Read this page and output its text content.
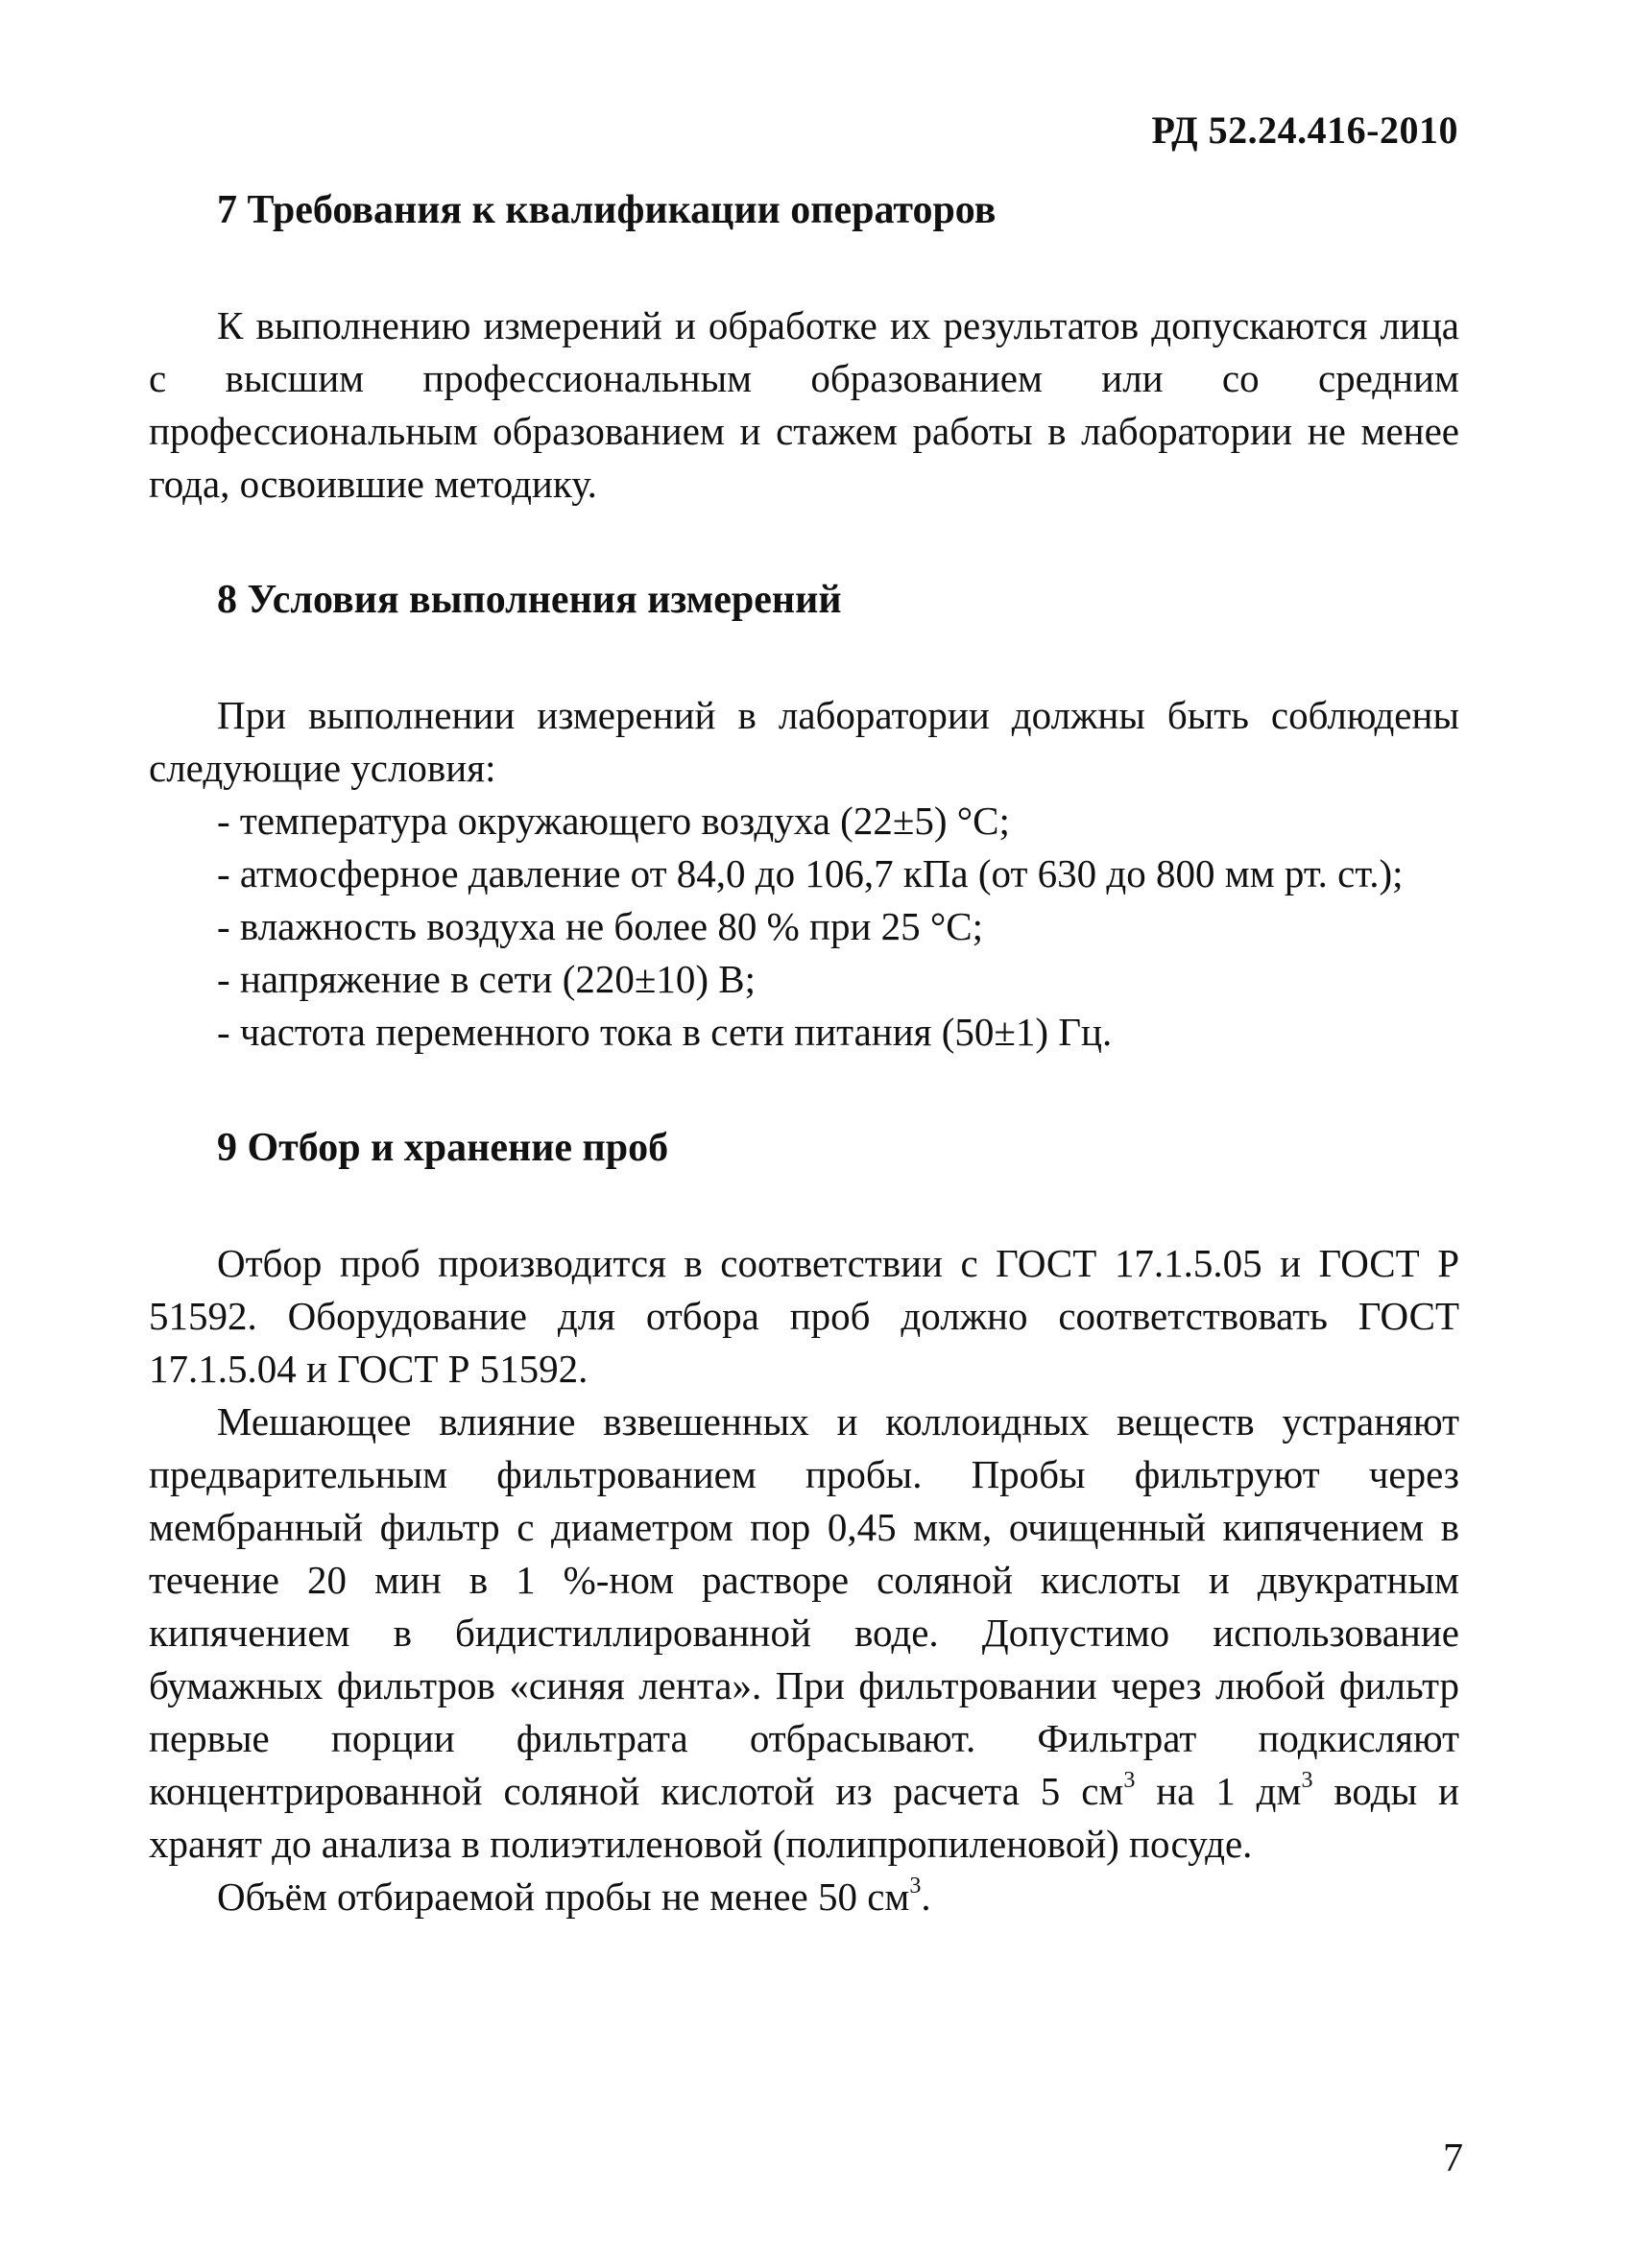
РД 52.24.416-2010
7 Требования к квалификации операторов

К выполнению измерений и обработке их результатов допускаются лица с высшим профессиональным образованием или со средним профессиональным образованием и стажем работы в лаборатории не менее года, освоившие методику.

8 Условия выполнения измерений

При выполнении измерений в лаборатории должны быть соблюдены следующие условия:

- температура окружающего воздуха (22±5) °С;

- атмосферное давление от 84,0 до 106,7 кПа (от 630 до 800 мм рт. ст.);

- влажность воздуха не более 80 % при 25 °С;

- напряжение в сети (220±10) В;

- частота переменного тока в сети питания (50±1) Гц.

9 Отбор и хранение проб

Отбор проб производится в соответствии с ГОСТ 17.1.5.05 и ГОСТ Р 51592. Оборудование для отбора проб должно соответствовать ГОСТ 17.1.5.04 и ГОСТ Р 51592.

Мешающее влияние взвешенных и коллоидных веществ устраняют предварительным фильтрованием пробы. Пробы фильтруют через мембранный фильтр с диаметром пор 0,45 мкм, очищенный кипячением в течение 20 мин в 1 %-ном растворе соляной кислоты и двукратным кипячением в бидистиллированной воде. Допустимо использование бумажных фильтров «синяя лента». При фильтровании через любой фильтр первые порции фильтрата отбрасывают. Фильтрат подкисляют концентрированной соляной кислотой из расчета 5 $см^3$ на 1 $дм^3$ воды и хранят до анализа в полиэтиленовой (полипропиленовой) посуде.

Объём отбираемой пробы не менее 50 $см^3$.

7
